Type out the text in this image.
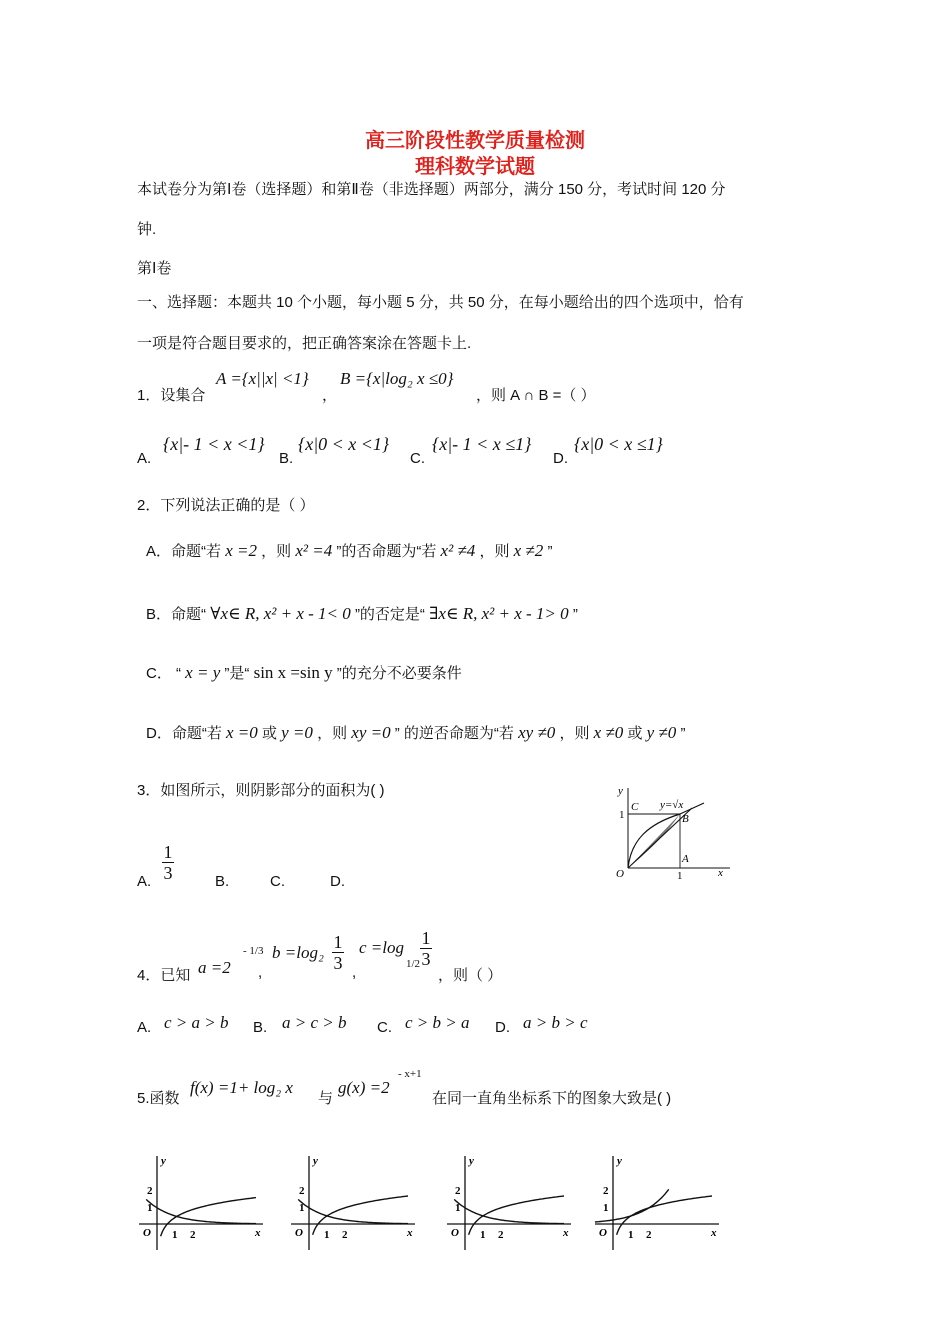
高三阶段性教学质量检测
理科数学试题
本试卷分为第Ⅰ卷（选择题）和第Ⅱ卷（非选择题）两部分，满分 150 分，考试时间 120 分
钟.
第Ⅰ卷
一、选择题：本题共 10 个小题，每小题 5 分，共 50 分，在每小题给出的四个选项中，恰有
一项是符合题目要求的，把正确答案涂在答题卡上.
1．设集合
A ={x||x| <1}
，
B ={x|log₂ x ≤0}
，则 A ∩ B =（ ）
A.
{x|- 1 < x <1}
B.
{x|0 < x <1}
C.
{x|- 1 < x ≤1}
D.
{x|0 < x ≤1}
2．下列说法正确的是（ ）
A．命题“若 x =2 ，则 x² =4 ”的否命题为“若 x² ≠4 ，则 x ≠2 ”
B．命题“ ∀x∈ R, x² + x - 1< 0 ”的否定是“ ∃x∈ R, x² + x - 1> 0 ”
C． “ x = y ”是“ sin x =sin y ”的充分不必要条件
D．命题“若 x =0 或 y =0 ，则 xy =0 ” 的逆否命题为“若 xy ≠0 ，则 x ≠0 或 y ≠0 ”
3．如图所示，则阴影部分的面积为( )
A.
1
3	B.	C.	D.
y
x
O
C
B
A
y=√x
1
1
4．已知 a =2
- 1/3
,
b =log₂
1
3 ,
c =log
1/2
1
3
，则（ ）
A. c > a > b B. a > c > b C. c > b > a D. a > b > c
5.函数
f(x) =1+ log₂ x
与
g(x) =2
- x+1
在同一直角坐标系下的图象大致是( )
y
x
O
1
2
1 2
y
x
O
1
2
1 2
y
x
O
1
2
1 2
y
x
O
1
2
1 2
